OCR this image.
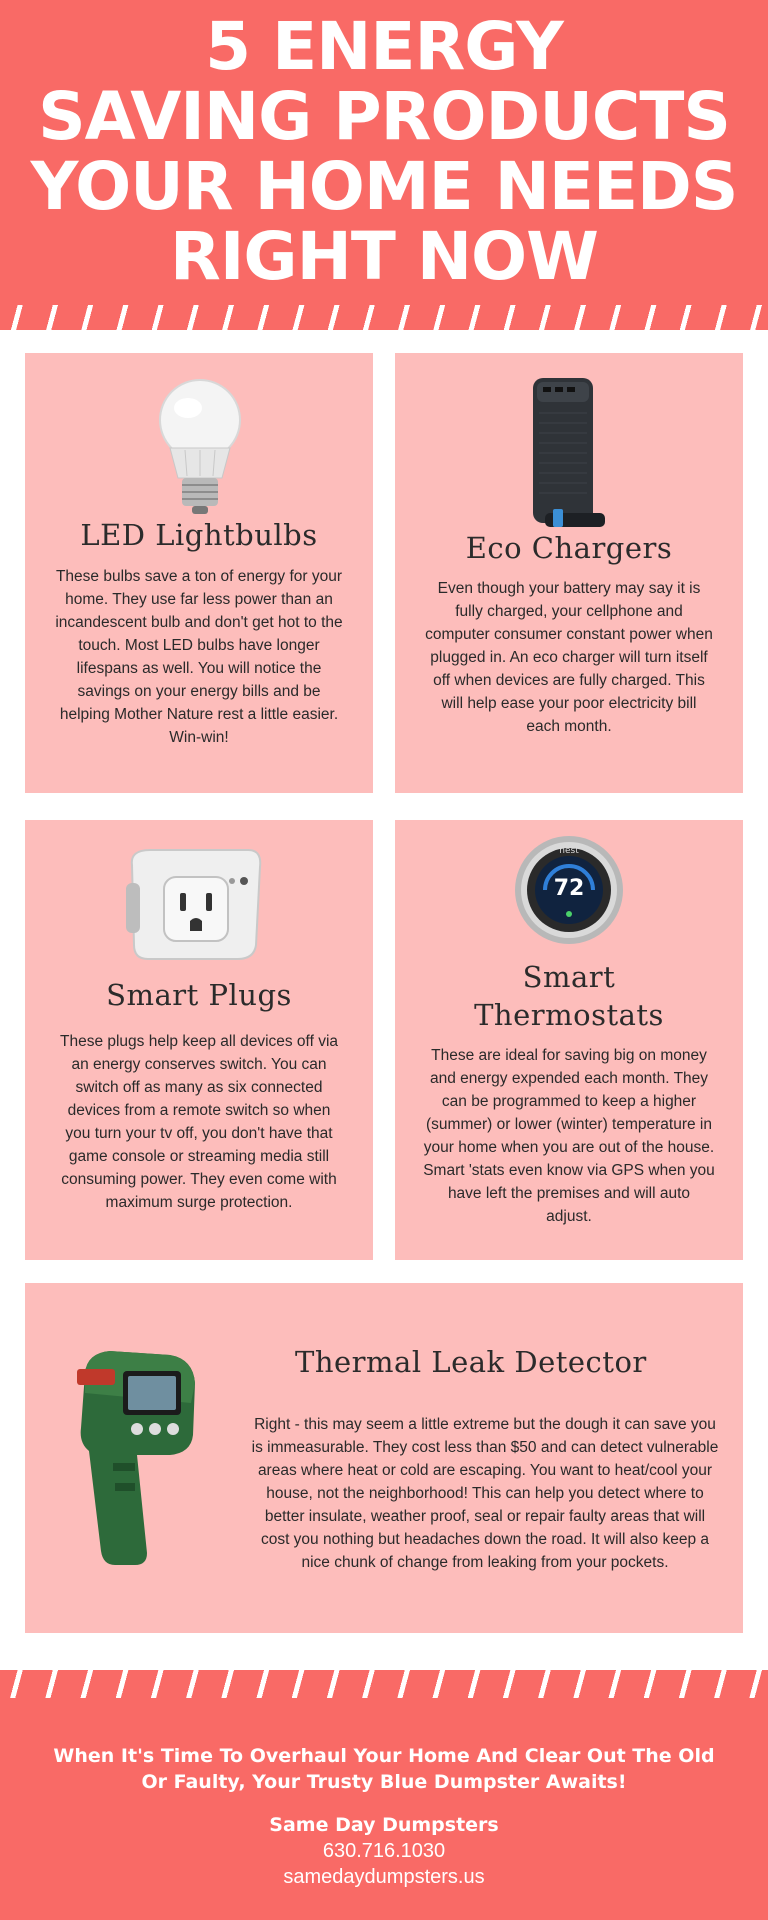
5 ENERGY
SAVING PRODUCTS
YOUR HOME NEEDS
RIGHT NOW
LED Lightbulbs
These bulbs save a ton of energy for your home. They use far less power than an incandescent bulb and don't get hot to the touch. Most LED bulbs have longer lifespans as well. You will notice the savings on your energy bills and be helping Mother Nature rest a little easier. Win-win!
Eco Chargers
Even though your battery may say it is fully charged, your cellphone and computer consumer constant power when plugged in. An eco charger will turn itself off when devices are fully charged. This will help ease your poor electricity bill each month.
Smart Plugs
These plugs help keep all devices off via an energy conserves switch. You can switch off as many as six connected devices from a remote switch so when you turn your tv off, you don't have that game console or streaming media still consuming power. They even come with maximum surge protection.
nest
72
Smart
Thermostats
These are ideal for saving big on money and energy expended each month. They can be programmed to keep a higher (summer) or lower (winter) temperature in your home when you are out of the house. Smart 'stats even know via GPS when you have left the premises and will auto adjust.
Thermal Leak Detector
Right - this may seem a little extreme but the dough it can save you is immeasurable. They cost less than $50 and can detect vulnerable areas where heat or cold are escaping. You want to heat/cool your house, not the neighborhood! This can help you detect where to better insulate, weather proof, seal or repair faulty areas that will cost you nothing but headaches down the road. It will also keep a nice chunk of change from leaking from your pockets.
When It's Time To Overhaul Your Home And Clear Out The Old Or Faulty, Your Trusty Blue Dumpster Awaits!
Same Day Dumpsters
630.716.1030
samedaydumpsters.us
